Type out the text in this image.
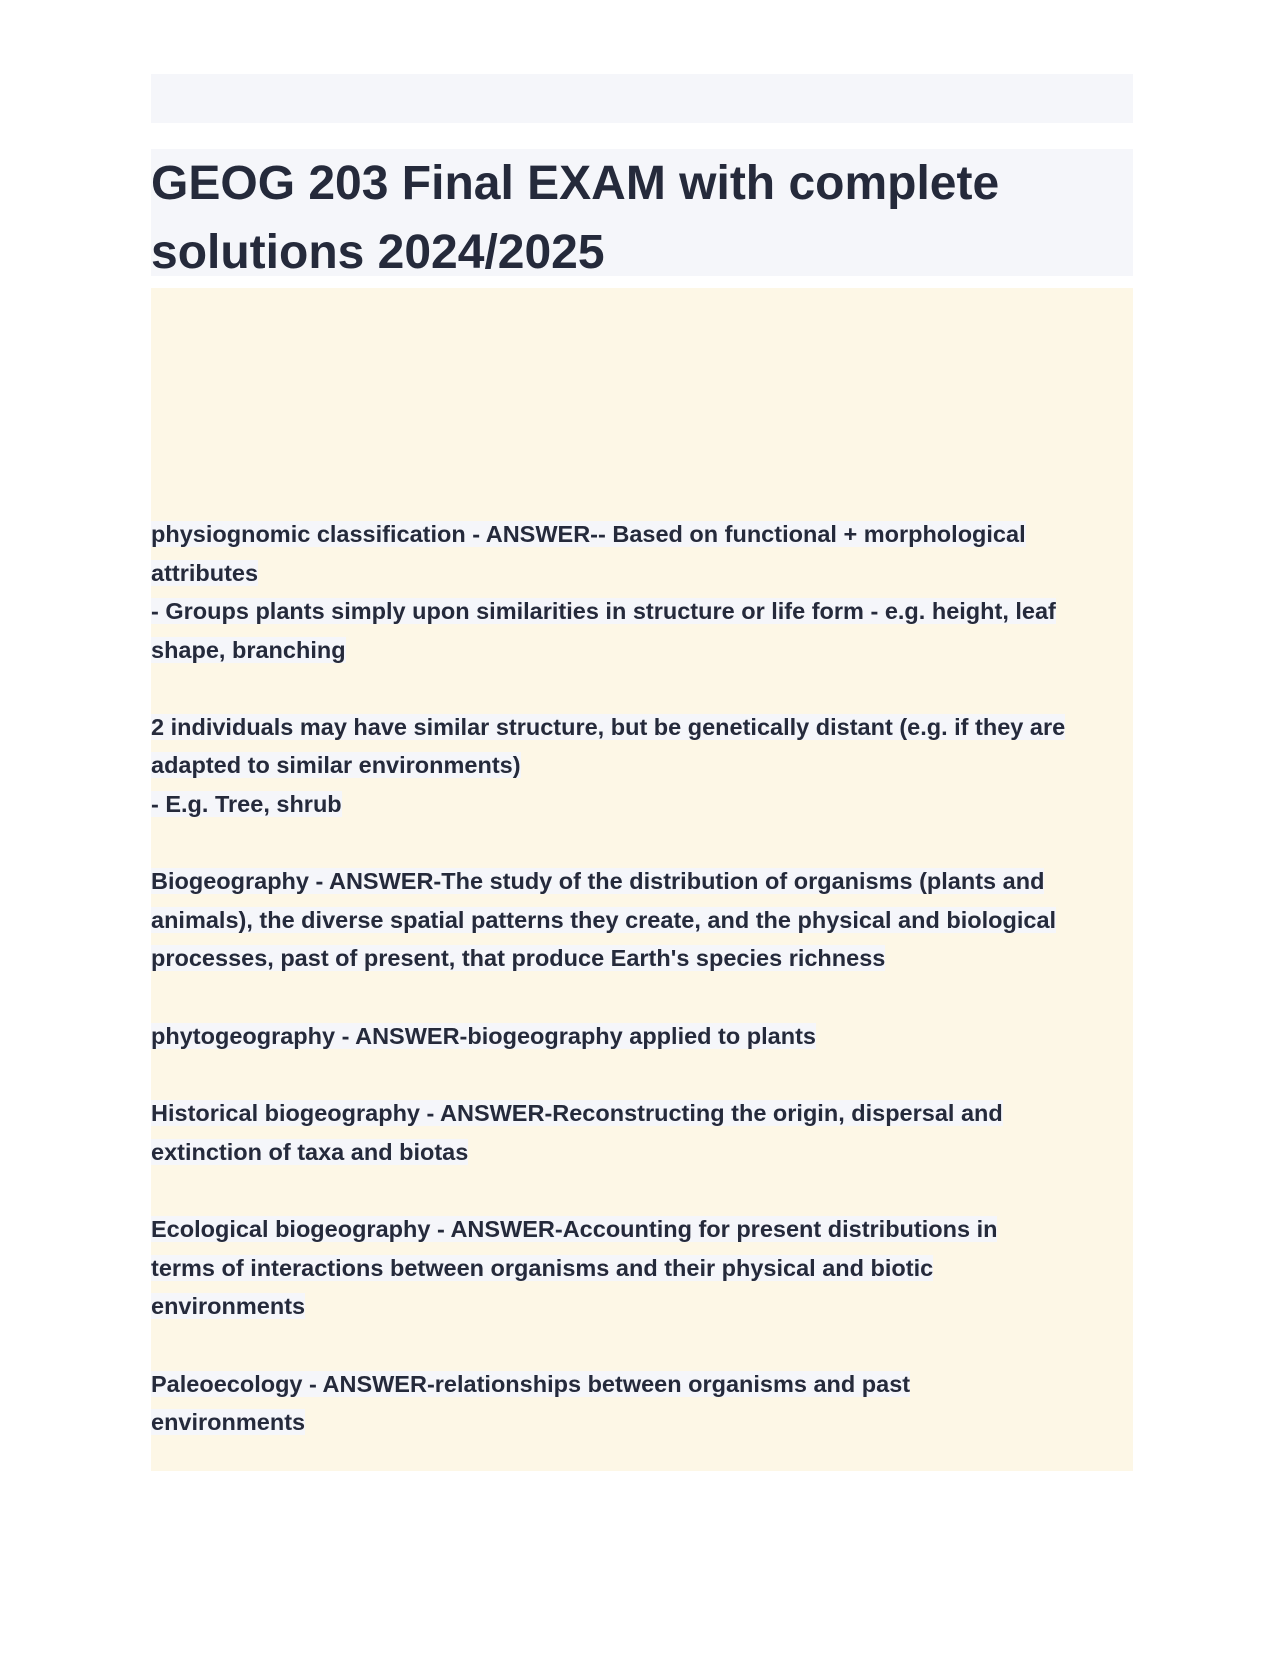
GEOG 203 Final EXAM with complete
solutions 2024/2025
physiognomic classification - ANSWER-- Based on functional + morphological
attributes
- Groups plants simply upon similarities in structure or life form - e.g. height, leaf
shape, branching
2 individuals may have similar structure, but be genetically distant (e.g. if they are
adapted to similar environments)
- E.g. Tree, shrub
Biogeography - ANSWER-The study of the distribution of organisms (plants and
animals), the diverse spatial patterns they create, and the physical and biological
processes, past of present, that produce Earth's species richness
phytogeography - ANSWER-biogeography applied to plants
Historical biogeography - ANSWER-Reconstructing the origin, dispersal and
extinction of taxa and biotas
Ecological biogeography - ANSWER-Accounting for present distributions in
terms of interactions between organisms and their physical and biotic
environments
Paleoecology - ANSWER-relationships between organisms and past
environments
